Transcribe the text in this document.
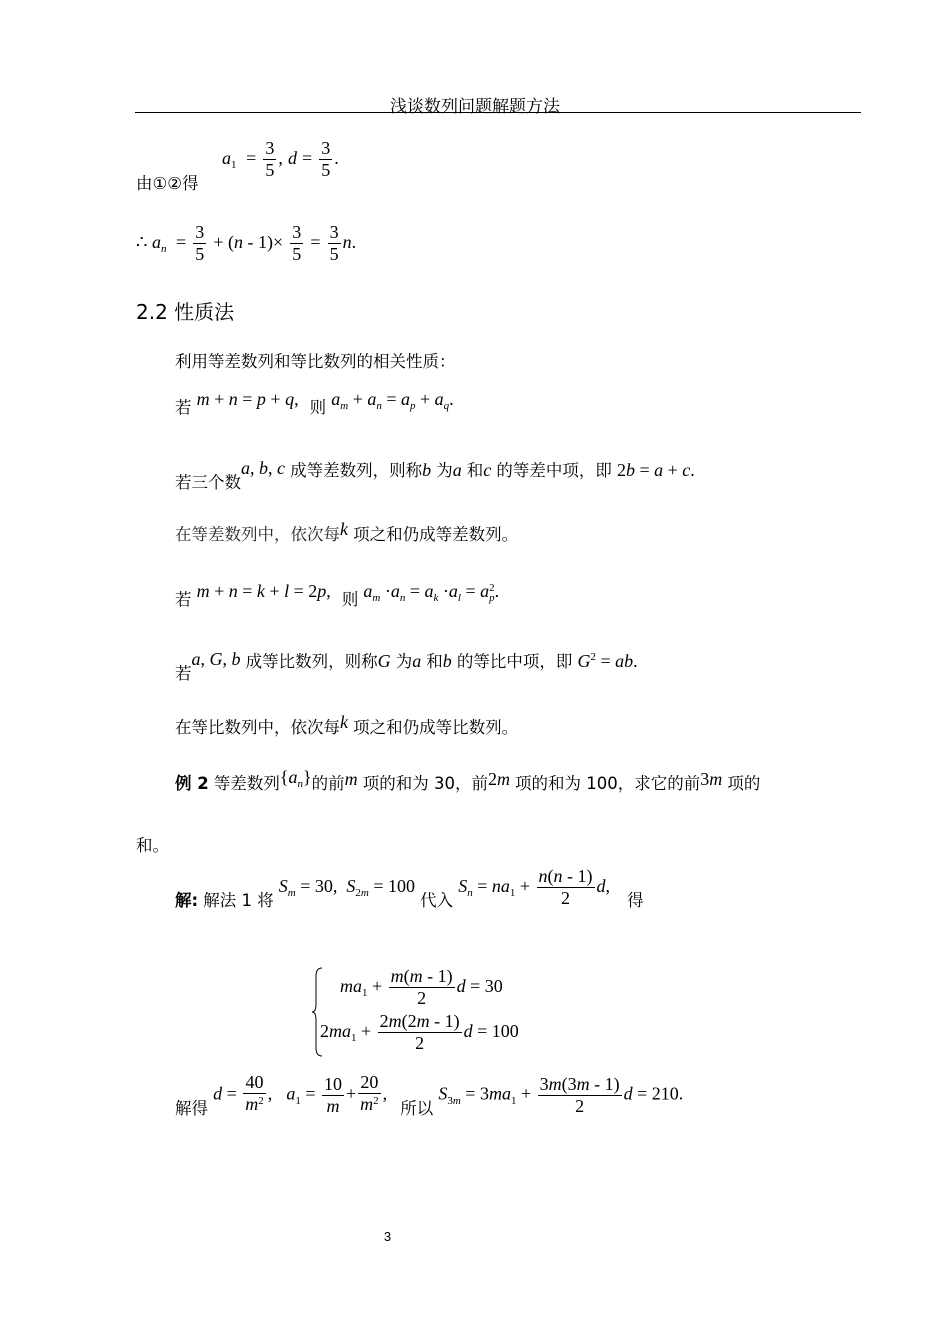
浅谈数列问题解题方法
由①②得
$a_1 = \frac{3}{5}$ , $d = \frac{3}{5}$ .
∴ $a_n = \frac{3}{5} + (n - 1)\times \frac{3}{5} = \frac{3}{5} n$.
2.2 性质法
利用等差数列和等比数列的相关性质：
若 m + n = p + q, 则 $a_m + a_n = a_p + a_q$.
若三个数a, b, c 成等差数列，则称b 为a 和c 的等差中项，即 2b = a + c.
在等差数列中，依次每k 项之和仍成等差数列。
若 m + n = k + l = 2p, 则 $a_m \cdot a_n = a_k \cdot a_l = a$ 2
p .
若a, G, b 成等比数列，则称G 为a 和b 的等比中项，即 $G^2$ = ab.
在等比数列中，依次每k 项之和仍成等比数列。
例 2 等差数列{an}的前m 项的和为 30，前2m 项的和为 100，求它的前3m 项的
和。
解: 解法 1 将 $S_m = 30$,  $S_{2m} = 100$ 代入 $S_n = na_1 + \frac{n(n - 1)}{2} d$, 得
$ma_1 + \frac{m(m - 1)}{2}$ d = 30
$2ma_1 + \frac{2m(2m - 1)}{2}$ d = 100
解得 $d = \frac{40}{m^2}$ ,   $a_1 = \frac{10}{m} + \frac{20}{m^2}$ , 所以 $S_{3m} = 3ma_1 + \frac{3m(3m - 1)}{2}$ d = 210.
3
